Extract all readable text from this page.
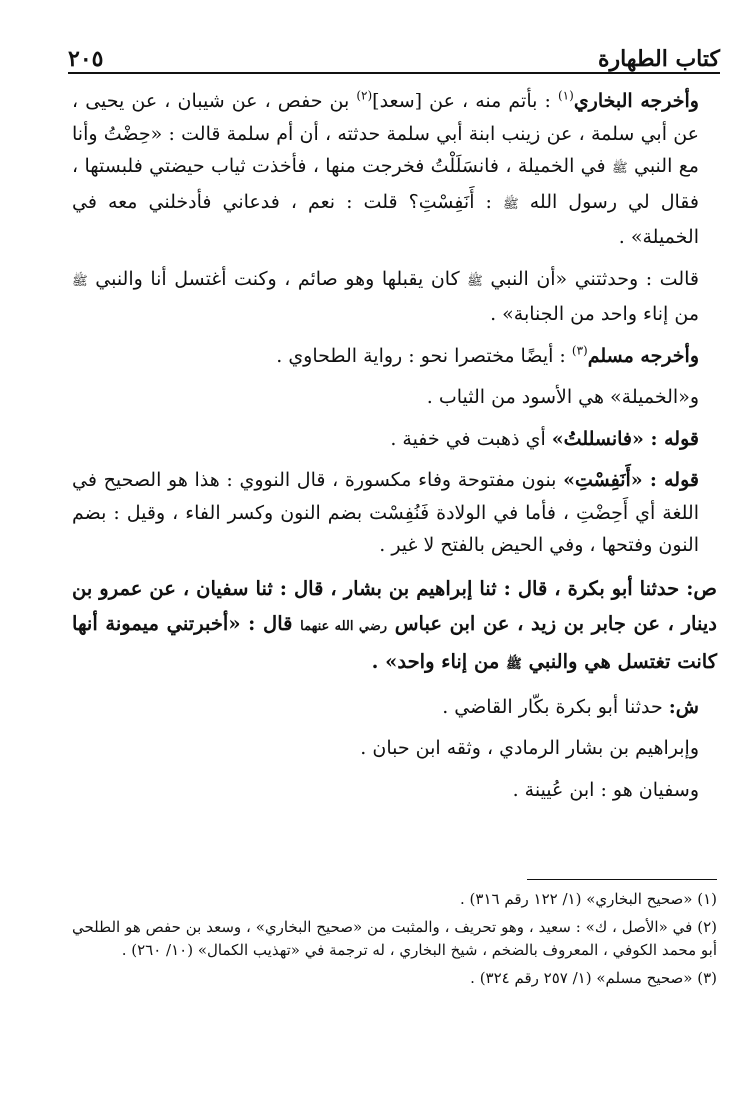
كتاب الطهارة
٢٠٥

وأخرجه البخاري$^{(١)}$ : بأتم منه ، عن [سعد]$^{(٢)}$ بن حفص ، عن شيبان ، عن يحيى ، عن أبي سلمة ، عن زينب ابنة أبي سلمة حدثته ، أن أم سلمة قالت : «حِضْتُ وأنا مع النبي ﷺ في الخميلة ، فانسَلَلْتُ فخرجت منها ، فأخذت ثياب حيضتي فلبستها ، فقال لي رسول الله ﷺ : أَنَفِسْتِ؟ قلت : نعم ، فدعاني فأدخلني معه في الخميلة» .

قالت : وحدثتني «أن النبي ﷺ كان يقبلها وهو صائم ، وكنت أغتسل أنا والنبي ﷺ من إناء واحد من الجنابة» .

وأخرجه مسلم$^{(٣)}$ : أيضًا مختصرا نحو : رواية الطحاوي .

و«الخميلة» هي الأسود من الثياب .

قوله : «فانسللتُ» أي ذهبت في خفية .

قوله : «أَنَفِسْتِ» بنون مفتوحة وفاء مكسورة ، قال النووي : هذا هو الصحيح في اللغة أي أَحِضْتِ ، فأما في الولادة فَنُفِسْت بضم النون وكسر الفاء ، وقيل : بضم النون وفتحها ، وفي الحيض بالفتح لا غير .

ص: حدثنا أبو بكرة ، قال : ثنا إبراهيم بن بشار ، قال : ثنا سفيان ، عن عمرو بن دينار ، عن جابر بن زيد ، عن ابن عباس رضي الله عنهما قال : «أخبرتني ميمونة أنها كانت تغتسل هي والنبي ﷺ من إناء واحد» .

ش: حدثنا أبو بكرة بكّار القاضي .

وإبراهيم بن بشار الرمادي ، وثقه ابن حبان .

وسفيان هو : ابن عُيينة .

(١) «صحيح البخاري» (١/ ١٢٢ رقم ٣١٦) .

(٢) في «الأصل ، ك» : سعيد ، وهو تحريف ، والمثبت من «صحيح البخاري» ، وسعد بن حفص هو الطلحي أبو محمد الكوفي ، المعروف بالضخم ، شيخ البخاري ، له ترجمة في «تهذيب الكمال» (١٠/ ٢٦٠) .

(٣) «صحيح مسلم» (١/ ٢٥٧ رقم ٣٢٤) .
